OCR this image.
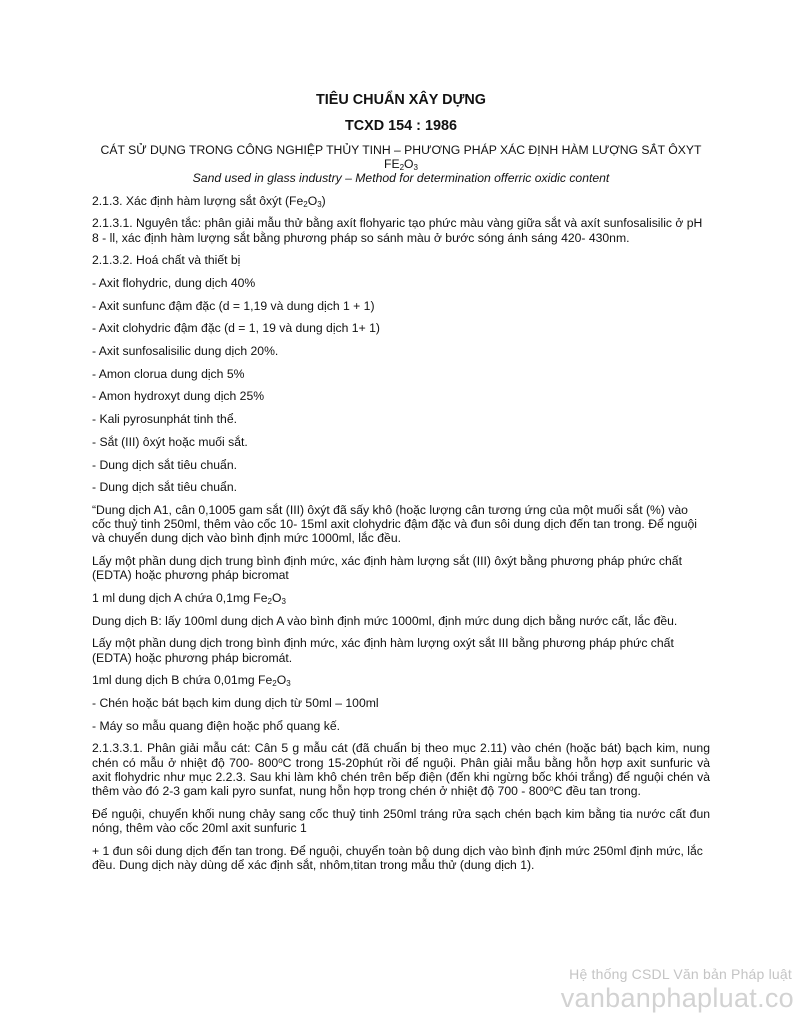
TIÊU CHUẨN XÂY DỰNG
TCXD 154 : 1986

CÁT SỬ DỤNG TRONG CÔNG NGHIỆP THỦY TINH – PHƯƠNG PHÁP XÁC ĐỊNH HÀM LƯỢNG SẮT ÔXYT $FE_2O_3$

Sand used in glass industry – Method for determination offerric oxidic content

2.1.3. Xác định hàm lượng sắt ôxýt $(Fe_2O_3)$

2.1.3.1. Nguyên tắc: phân giải mẫu thử bằng axít flohyaric tạo phức màu vàng giữa sắt và axít sunfosalisilic ở pH 8 - ll, xác định hàm lượng sắt bằng phương pháp so sánh màu ở bước sóng ánh sáng 420- 430nm.

2.1.3.2. Hoá chất và thiết bị

- Axit flohydric, dung dịch 40%

- Axit sunfunc đậm đặc (d = 1,19 và dung dịch 1 + 1)

- Axit clohydric đậm đặc (d = 1, 19 và dung dịch 1+ 1)

- Axit sunfosalisilic dung dịch 20%.

- Amon clorua dung dịch 5%

- Amon hydroxyt dung dịch 25%

- Kali pyrosunphát tinh thể.

- Sắt (III) ôxýt hoặc muối sắt.

- Dung dịch sắt tiêu chuẩn.

- Dung dịch sắt tiêu chuẩn.

“Dung dịch A1, cân 0,1005 gam sắt (III) ôxýt đã sấy khô (hoặc lượng cân tương ứng của một muối sắt (%) vào cốc thuỷ tinh 250ml, thêm vào cốc 10- 15ml axit clohydric đậm đặc và đun sôi dung dịch đến tan trong. Để nguội và chuyển dung dịch vào bình định mức 1000ml, lắc đều.

Lấy một phần dung dịch trung bình định mức, xác định hàm lượng sắt (III) ôxýt bằng phương pháp phức chất (EDTA) hoặc phương pháp bicromat

1 ml dung dịch A chứa 0,1mg $Fe_2O_3$

Dung dịch B: lấy 100ml dung dịch A vào bình định mức 1000ml, định mức dung dịch bằng nước cất, lắc đều.

Lấy một phần dung dịch trong bình định mức, xác định hàm lượng oxýt sắt III bằng phương pháp phức chất (EDTA) hoặc phương pháp bicromát.

1ml dung dịch B chứa 0,01mg $Fe_2O_3$

- Chén hoặc bát bạch kim dung dịch từ 50ml – 100ml

- Máy so mẫu quang điện hoặc phổ quang kế.

2.1.3.3.1. Phân giải mẫu cát: Cân 5 g mẫu cát (đã chuẩn bị theo mục 2.11) vào chén (hoặc bát) bạch kim, nung chén có mẫu ở nhiệt độ 700- 800$^o$C trong 15-20phút rồi để nguội. Phân giải mẫu bằng hỗn hợp axit sunfuric và axit flohydric như mục 2.2.3. Sau khi làm khô chén trên bếp điện (đến khi ngừng bốc khói trắng) để nguội chén và thêm vào đó 2-3 gam kali pyro sunfat, nung hỗn hợp trong chén ở nhiệt độ 700 - 800$^o$C đều tan trong.

Để nguội, chuyển khối nung chảy sang cốc thuỷ tinh 250ml tráng rửa sạch chén bạch kim bằng tia nước cất đun nóng, thêm vào cốc 20ml axit sunfuric 1

+ 1 đun sôi dung dịch đến tan trong. Để nguội, chuyển toàn bộ dung dịch vào bình định mức 250ml định mức, lắc đều. Dung dịch này dùng dể xác định sắt, nhôm,titan trong mẫu thử (dung dịch 1).

Hệ thống CSDL Văn bản Pháp luật
vanbanphapluat.co
